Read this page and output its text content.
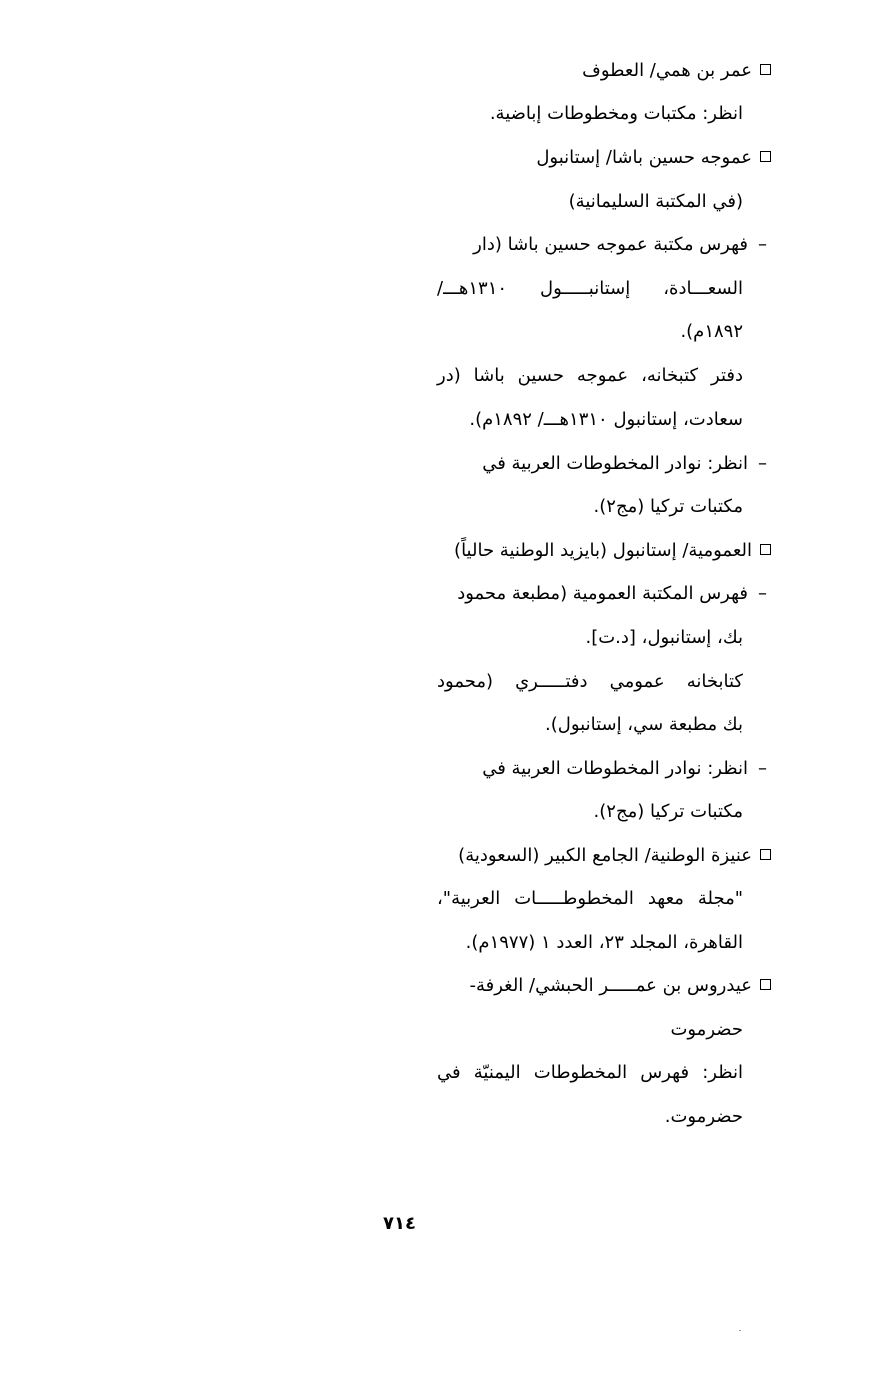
عمر بن همي/ العطوف
انظر: مكتبات ومخطوطات إباضية.
عموجه حسين باشا/ إستانبول
(في المكتبة السليمانية)
–فهرس مكتبة عموجه حسين باشا (دار
السعـــادة، إستانبـــــول ١٣١٠هـــ/
١٨٩٢م).
دفتر كتبخانه، عموجه حسين باشا (در
سعادت، إستانبول ١٣١٠هـــ/ ١٨٩٢م).
–انظر: نوادر المخطوطات العربية في
مكتبات تركيا (مج٢).
العمومية/ إستانبول (بايزيد الوطنية حالياً)
–فهرس المكتبة العمومية (مطبعة محمود
بك، إستانبول، [د.ت].
كتابخانه عمومي دفتـــــري (محمود
بك مطبعة سي، إستانبول).
–انظر: نوادر المخطوطات العربية في
مكتبات تركيا (مج٢).
عنيزة الوطنية/ الجامع الكبير (السعودية)
"مجلة معهد المخطوطـــــات العربية"،
القاهرة، المجلد ٢٣، العدد ١ (١٩٧٧م).
عيدروس بن عمـــــر الحبشي/ الغرفة-
حضرموت
انظر: فهرس المخطوطات اليمنيّة في
حضرموت.
٧١٤
